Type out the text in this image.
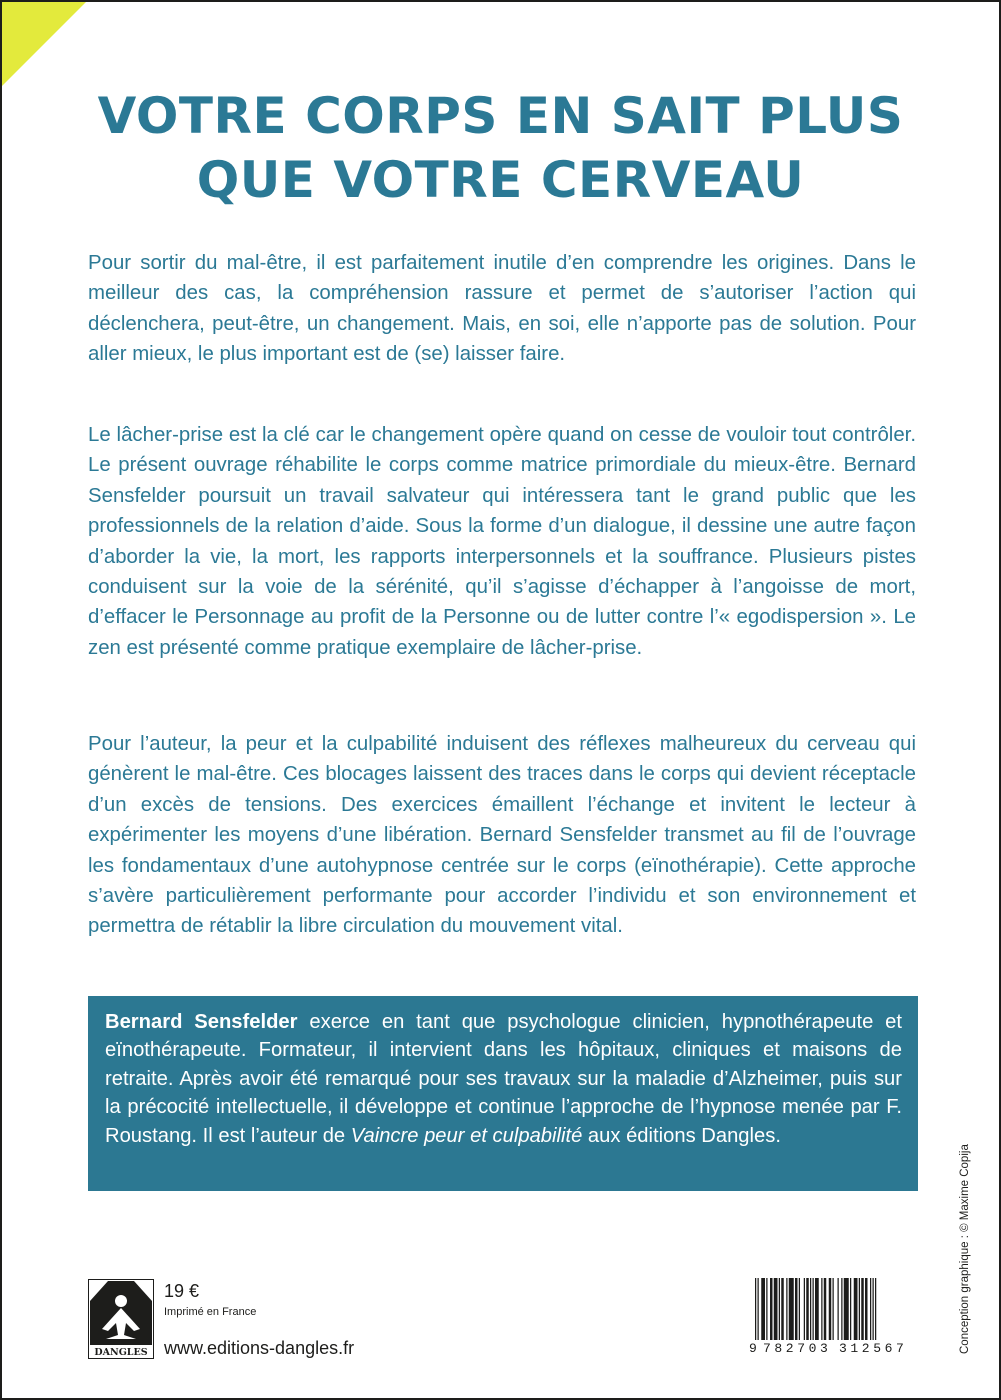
VOTRE CORPS EN SAIT PLUS
QUE VOTRE CERVEAU

Pour sortir du mal-être, il est parfaitement inutile d’en comprendre les origines. Dans le meilleur des cas, la compréhension rassure et permet de s’autoriser l’action qui déclenchera, peut-être, un changement. Mais, en soi, elle n’apporte pas de solution. Pour aller mieux, le plus important est de (se) laisser faire.

Le lâcher-prise est la clé car le changement opère quand on cesse de vouloir tout contrôler. Le présent ouvrage réhabilite le corps comme matrice primordiale du mieux-être. Bernard Sensfelder poursuit un travail salvateur qui intéressera tant le grand public que les professionnels de la relation d’aide. Sous la forme d’un dialogue, il dessine une autre façon d’aborder la vie, la mort, les rapports interpersonnels et la souffrance. Plusieurs pistes conduisent sur la voie de la sérénité, qu’il s’agisse d’échapper à l’angoisse de mort, d’effacer le Personnage au profit de la Personne ou de lutter contre l’« egodispersion ». Le zen est présenté comme pratique exemplaire de lâcher-prise.

Pour l’auteur, la peur et la culpabilité induisent des réflexes malheureux du cerveau qui génèrent le mal-être. Ces blocages laissent des traces dans le corps qui devient réceptacle d’un excès de tensions. Des exercices émaillent l’échange et invitent le lecteur à expérimenter les moyens d’une libération. Bernard Sensfelder transmet au fil de l’ouvrage les fondamentaux d’une autohypnose centrée sur le corps (eïnothérapie). Cette approche s’avère particulièrement performante pour accorder l’individu et son environnement et permettra de rétablir la libre circulation du mouvement vital.

Bernard Sensfelder exerce en tant que psychologue clinicien, hypnothérapeute et eïnothérapeute. Formateur, il intervient dans les hôpitaux, cliniques et maisons de retraite. Après avoir été remarqué pour ses travaux sur la maladie d’Alzheimer, puis sur la précocité intellectuelle, il développe et continue l’approche de l’hypnose menée par F. Roustang. Il est l’auteur de Vaincre peur et culpabilité aux éditions Dangles.

Conception graphique : © Maxime Copija
DANGLES
19 €
Imprimé en France
www.editions-dangles.fr	9 782703 312567
